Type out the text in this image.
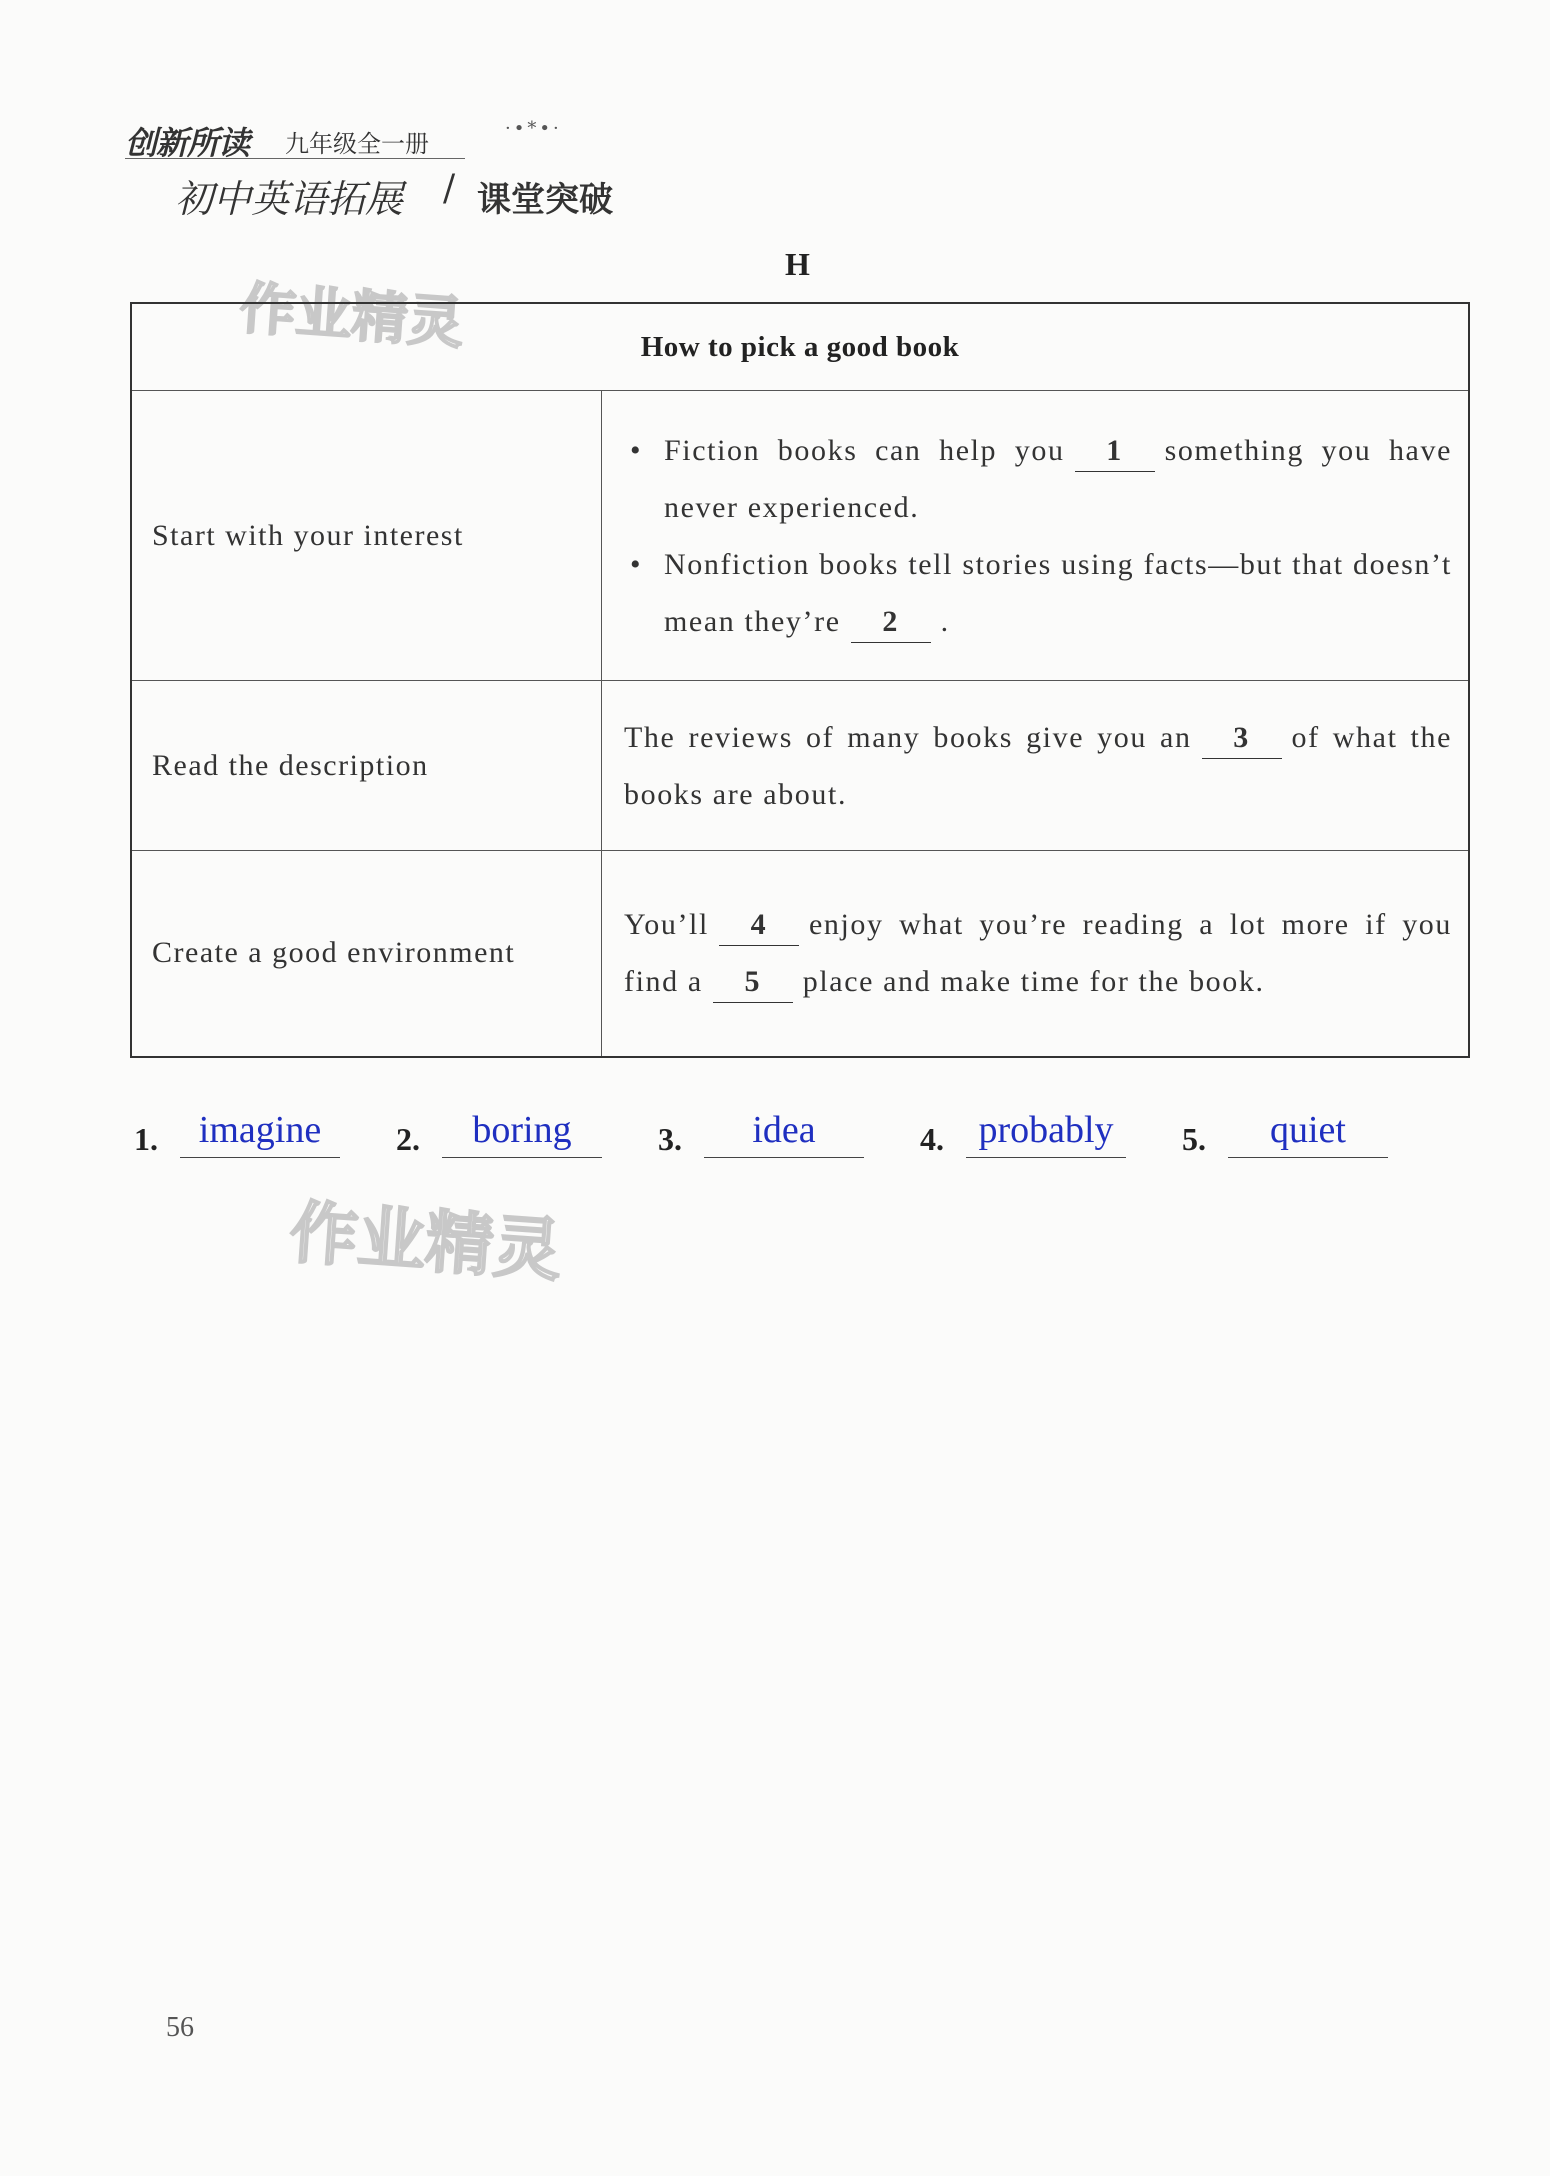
创新所读 九年级全一册
·•*•·
初中英语拓展 / 课堂突破
H
作业精灵	How to pick a good book	
Start with your interest	• Fiction books can help you 1 something you have never experienced.
• Nonfiction books tell stories using facts—but that doesn’t mean they’re 2 .

Read the description	The reviews of many books give you an 3 of what the books are about.
Create a good environment	You’ll 4 enjoy what you’re reading a lot more if you find a 5 place and make time for the book.
1.	imagine	2.	boring	3.	idea	4. probably	5.	quiet
作业精灵
56
